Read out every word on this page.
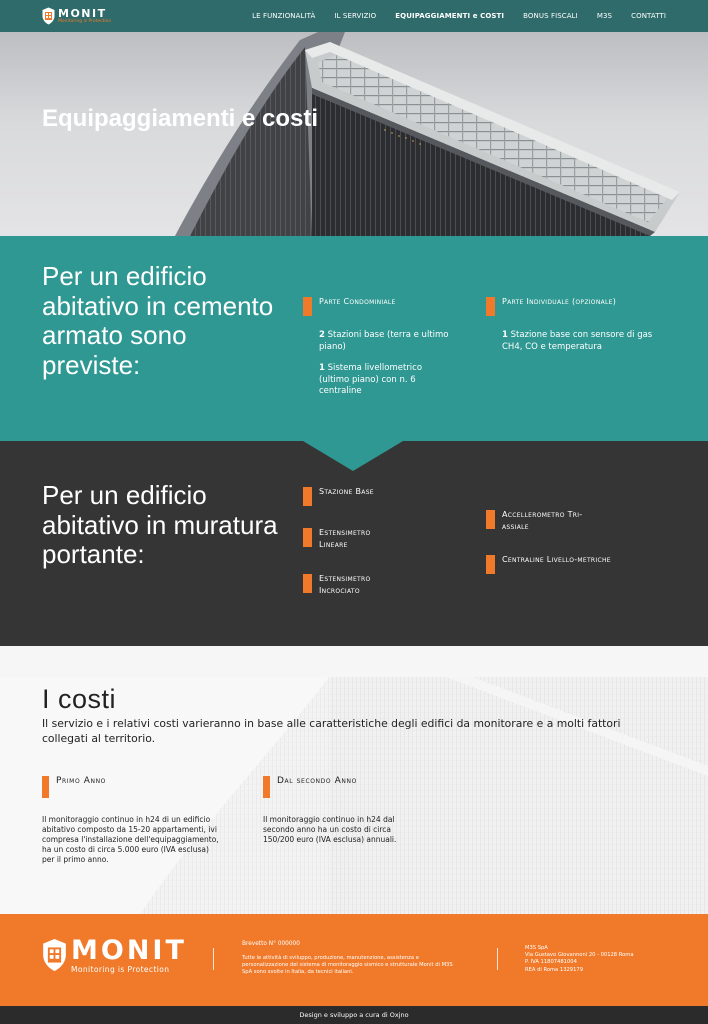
MONIT
Monitoring is Protection
LE FUNZIONALITÀ	IL SERVIZIO	EQUIPAGGIAMENTI e COSTI	BONUS FISCALI	M3S	CONTATTI
Equipaggiamenti e costi
Per un edificio abitativo in cemento armato sono previste:
Parte Condominiale
2 Stazioni base (terra e ultimo piano)
1 Sistema livellometrico (ultimo piano) con n. 6 centraline
Parte Individuale (opzionale)
1 Stazione base con sensore di gas CH4, CO e temperatura
Per un edificio abitativo in muratura portante:
Stazione Base
Estensimetro Lineare
Estensimetro Incrociato
Accellerometro Tri-assiale
Centraline Livello-metriche
I costi

Il servizio e i relativi costi varieranno in base alle caratteristiche degli edifici da monitorare e a molti fattori collegati al territorio.

Primo Anno
Il monitoraggio continuo in h24 di un edificio abitativo composto da 15-20 appartamenti, ivi compresa l'installazione dell'equipaggiamento, ha un costo di circa 5.000 euro (IVA esclusa) per il primo anno.
Dal secondo Anno
Il monitoraggio continuo in h24 dal secondo anno ha un costo di circa 150/200 euro (IVA esclusa) annuali.
MONIT
Monitoring is Protection

Brevetto N° 000000

Tutte le attività di sviluppo, produzione, manutenzione, assistenza e personalizzazione del sistema di monitoraggio sismico e strutturale Monit di M3S SpA sono svolte in Italia, da tecnici italiani.

M3S SpA
Via Gustavo Giovannoni 20 - 00128 Roma
P. IVA 11807481004
REA di Roma 1329179
Design e sviluppo a cura di Oxjno
